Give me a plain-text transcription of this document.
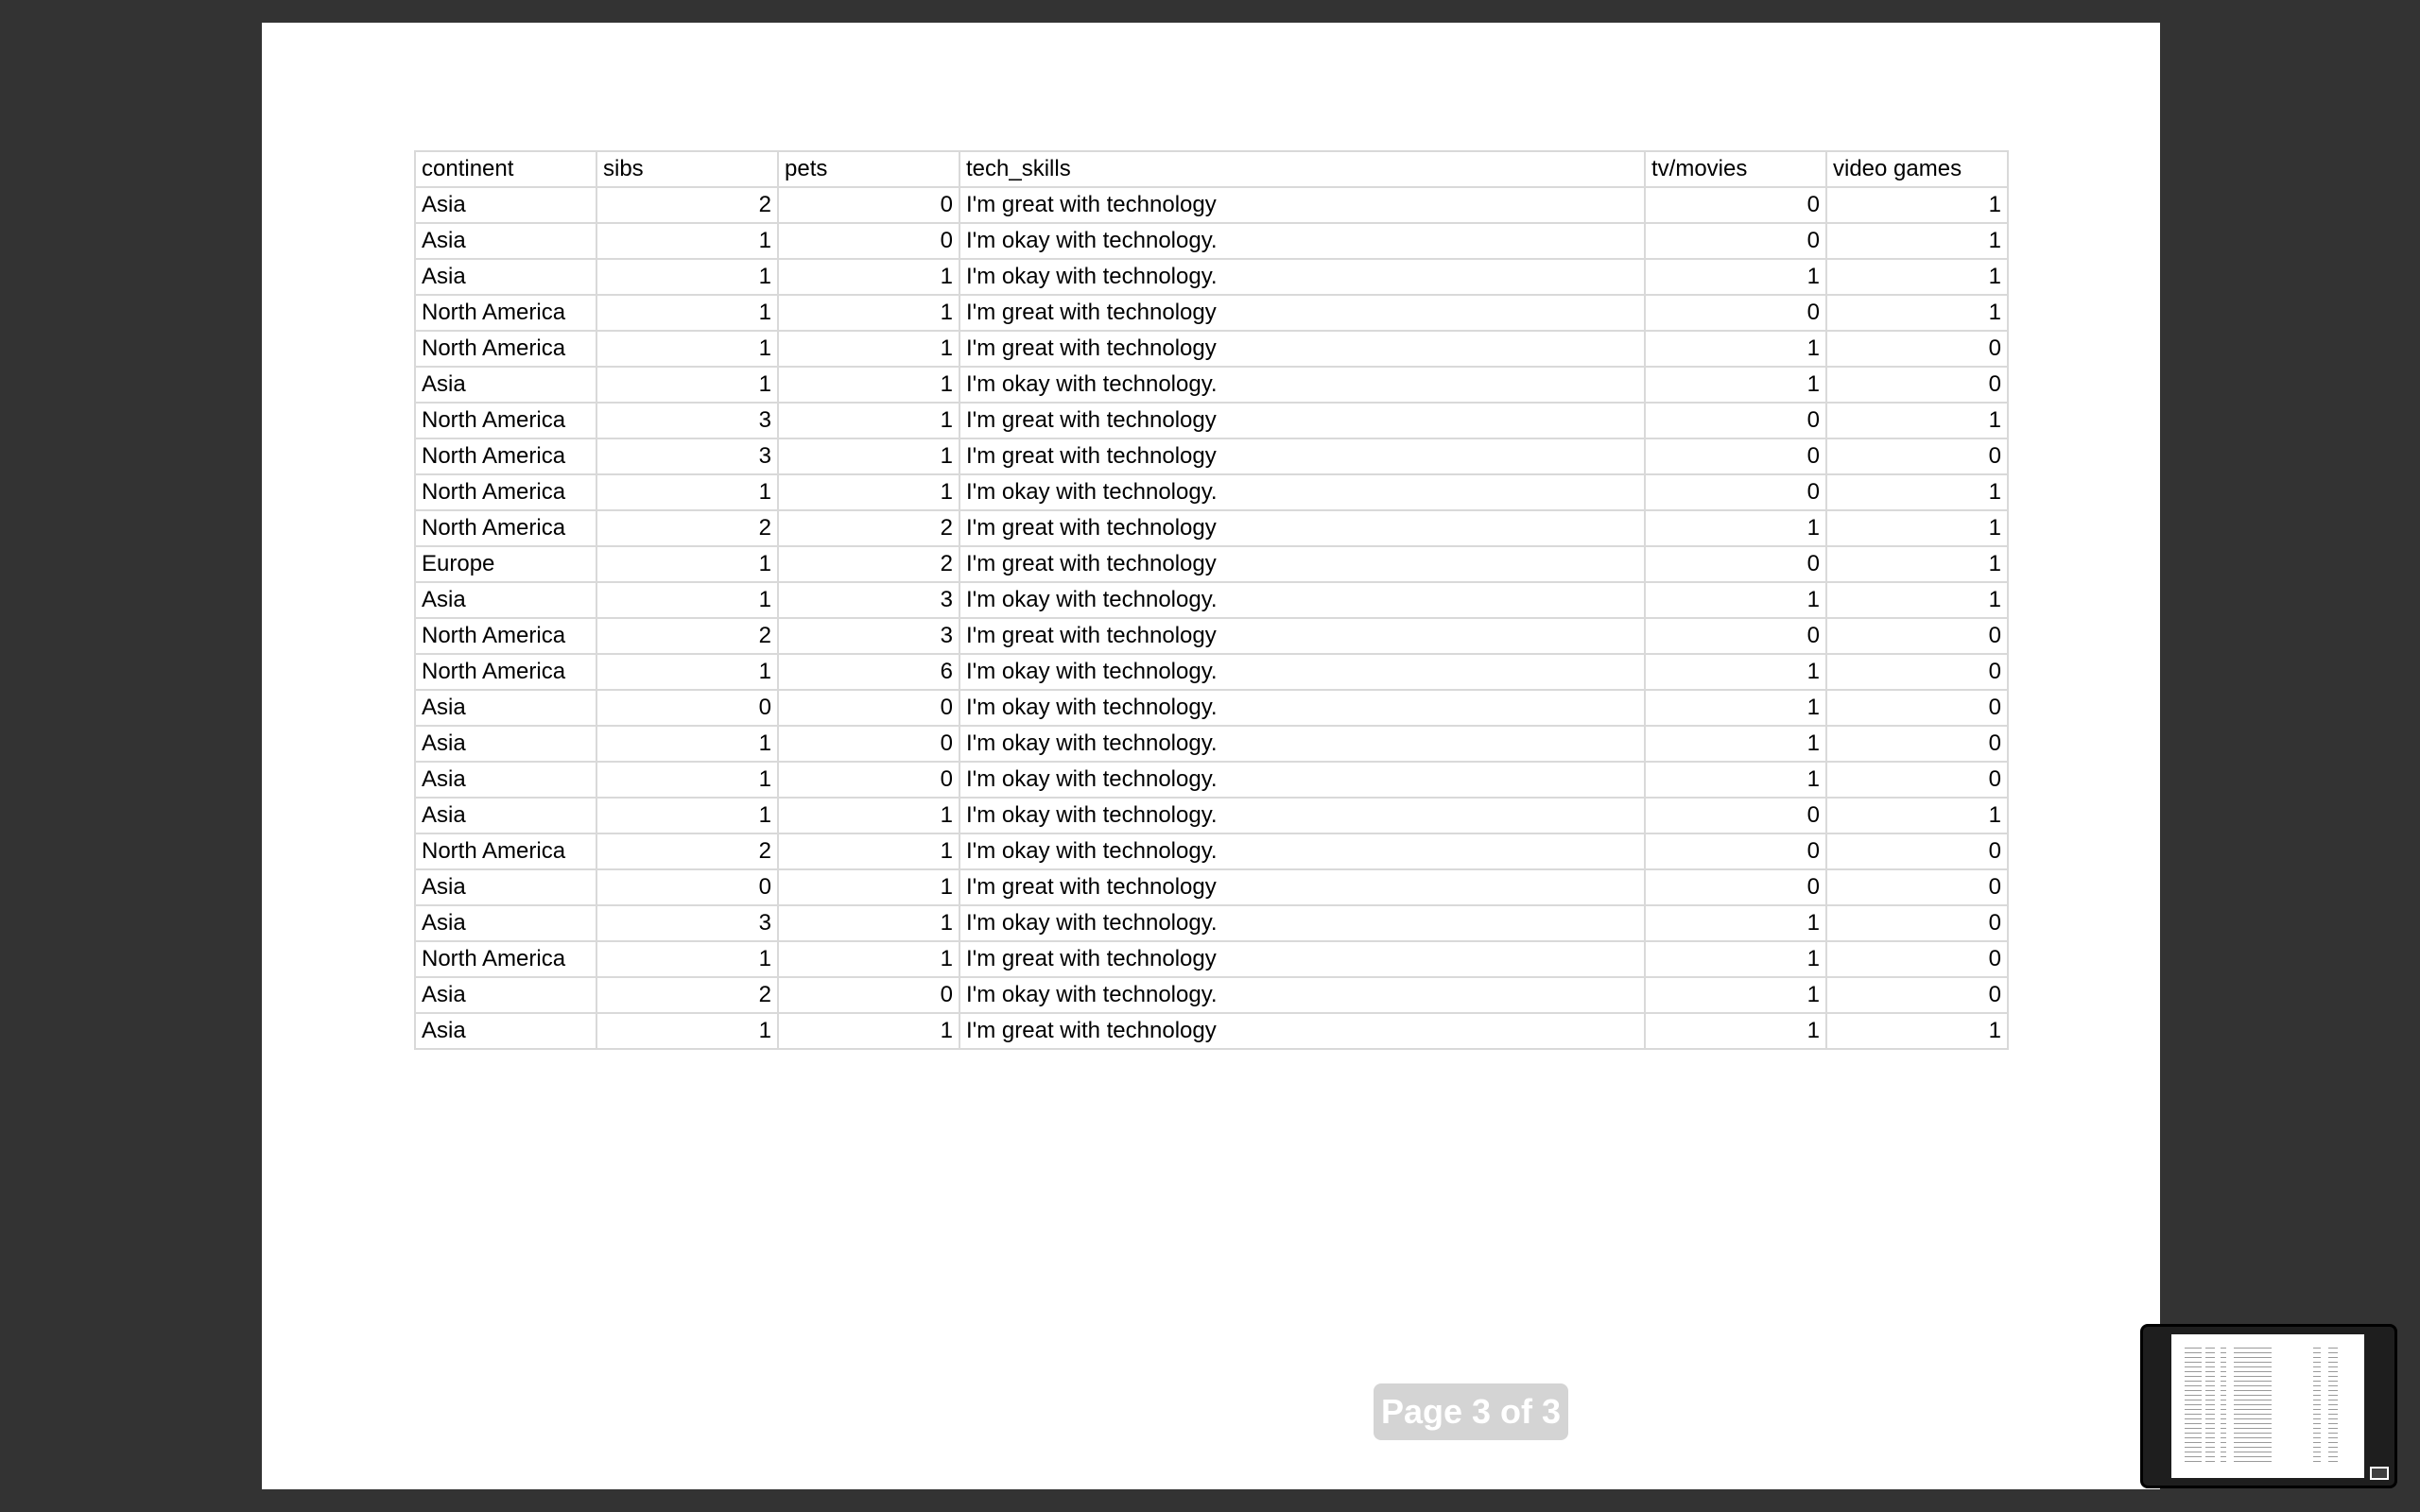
continent	sibs	pets	tech_skills	tv/movies	video games
Asia	2	0	I'm great with technology	0	1
Asia	1	0	I'm okay with technology.	0	1
Asia	1	1	I'm okay with technology.	1	1
North America	1	1	I'm great with technology	0	1
North America	1	1	I'm great with technology	1	0
Asia	1	1	I'm okay with technology.	1	0
North America	3	1	I'm great with technology	0	1
North America	3	1	I'm great with technology	0	0
North America	1	1	I'm okay with technology.	0	1
North America	2	2	I'm great with technology	1	1
Europe	1	2	I'm great with technology	0	1
Asia	1	3	I'm okay with technology.	1	1
North America	2	3	I'm great with technology	0	0
North America	1	6	I'm okay with technology.	1	0
Asia	0	0	I'm okay with technology.	1	0
Asia	1	0	I'm okay with technology.	1	0
Asia	1	0	I'm okay with technology.	1	0
Asia	1	1	I'm okay with technology.	0	1
North America	2	1	I'm okay with technology.	0	0
Asia	0	1	I'm great with technology	0	0
Asia	3	1	I'm okay with technology.	1	0
North America	1	1	I'm great with technology	1	0
Asia	2	0	I'm okay with technology.	1	0
Asia	1	1	I'm great with technology	1	1
Page 3 of 3
